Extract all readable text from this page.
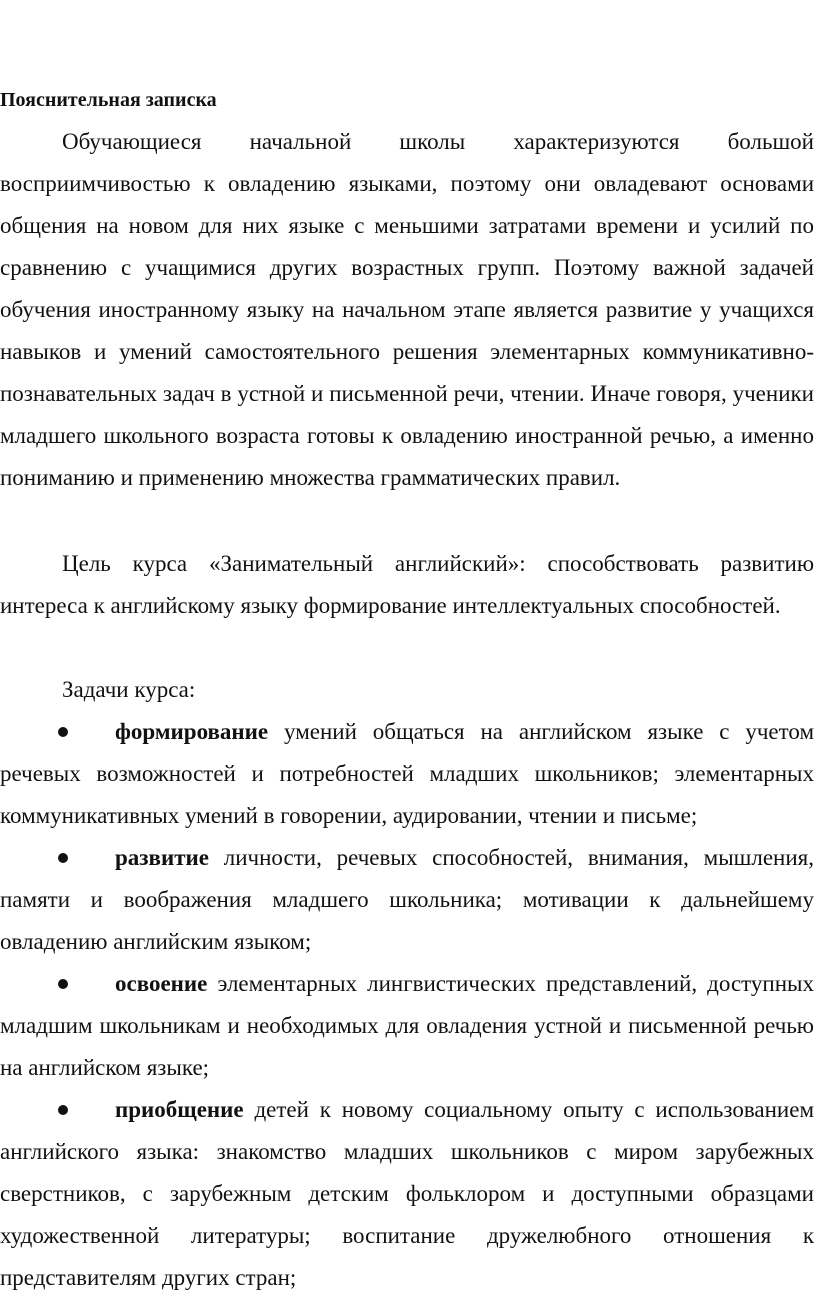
Пояснительная записка
Обучающиеся начальной школы характеризуются большой восприимчивостью к овладению языками, поэтому они овладевают основами общения на новом для них языке с меньшими затратами времени и усилий по сравнению с учащимися других возрастных групп. Поэтому важной задачей обучения иностранному языку на начальном этапе является развитие у учащихся навыков и умений самостоятельного решения элементарных коммуникативно-познавательных задач в устной и письменной речи, чтении. Иначе говоря, ученики младшего школьного возраста готовы к овладению иностранной речью, а именно пониманию и применению множества грамматических правил.
Цель курса «Занимательный английский»: способствовать развитию интереса к английскому языку формирование интеллектуальных способностей.
Задачи курса:
формирование умений общаться на английском языке с учетом речевых возможностей и потребностей младших школьников; элементарных коммуникативных умений в говорении, аудировании, чтении и письме;
развитие личности, речевых способностей, внимания, мышления, памяти и воображения младшего школьника; мотивации к дальнейшему овладению английским языком;
освоение элементарных лингвистических представлений, доступных младшим школьникам и необходимых для овладения устной и письменной речью на английском языке;
приобщение детей к новому социальному опыту с использованием английского языка: знакомство младших школьников с миром зарубежных сверстников, с зарубежным детским фольклором и доступными образцами художественной литературы; воспитание дружелюбного отношения к представителям других стран;
